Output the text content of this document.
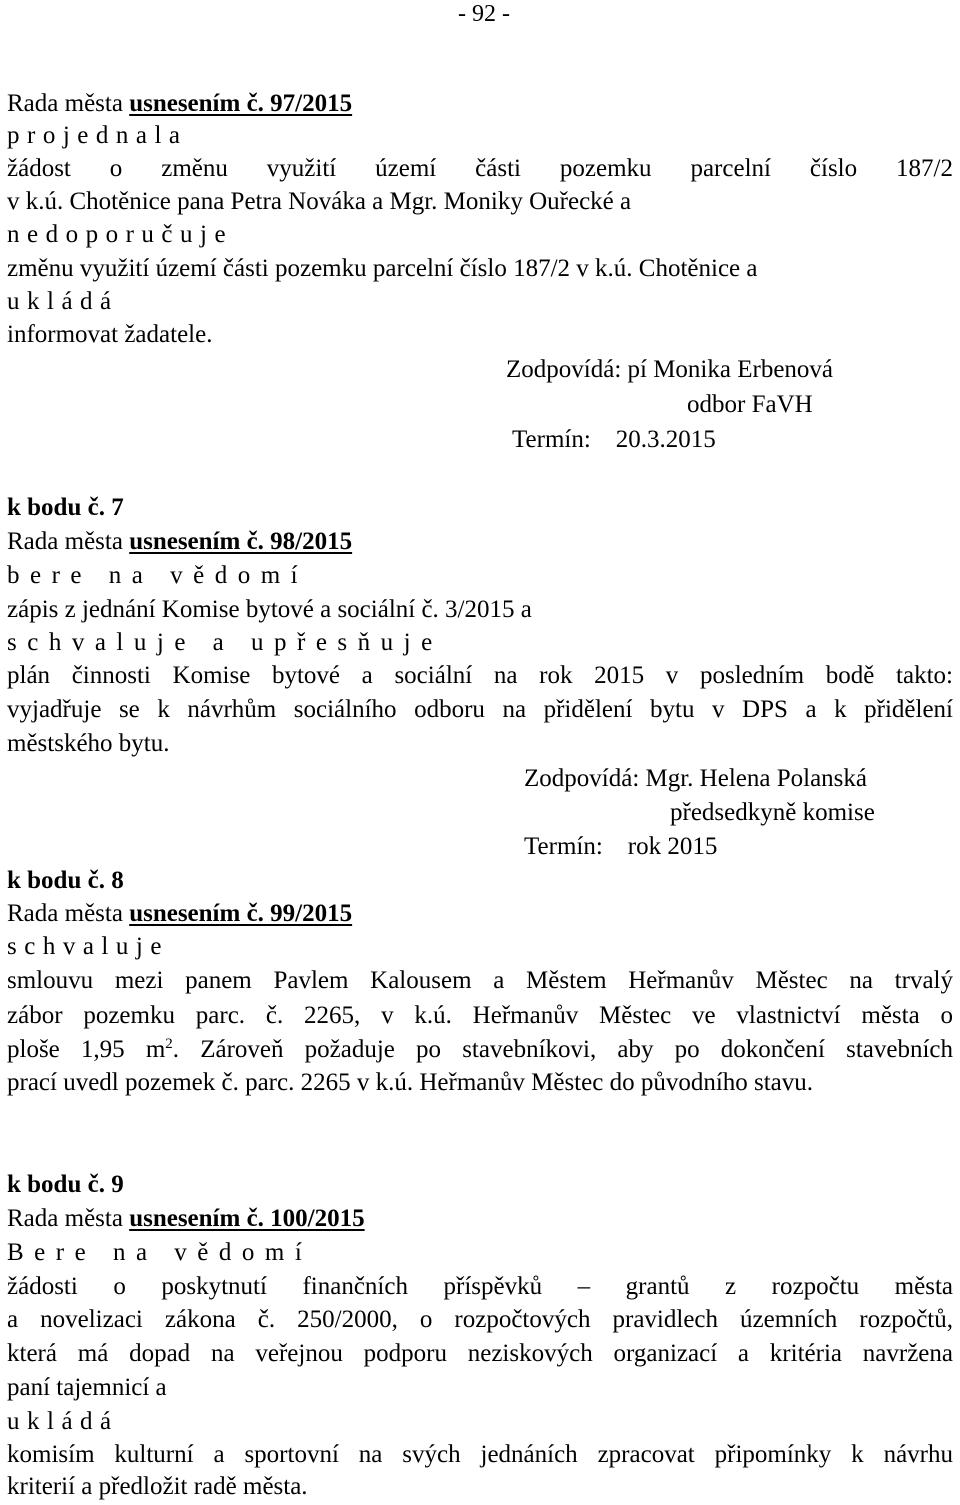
- 92 -
Rada města usnesením č. 97/2015
projednala
žádost o změnu využití území části pozemku parcelní číslo 187/2
v k.ú. Chotěnice pana Petra Nováka a Mgr. Moniky Ouřecké a
nedoporučuje
změnu využití území části pozemku parcelní číslo 187/2 v k.ú. Chotěnice a
ukládá
informovat žadatele.
Zodpovídá: pí Monika Erbenová
odbor FaVH
Termín:    20.3.2015
k bodu č. 7
Rada města usnesením č. 98/2015
bere na vědomí
zápis z jednání Komise bytové a sociální č. 3/2015 a
schvaluje a upřesňuje
plán činnosti Komise bytové a sociální na rok 2015 v posledním bodě takto:
vyjadřuje se k návrhům sociálního odboru na přidělení bytu v DPS a k přidělení
městského bytu.
Zodpovídá: Mgr. Helena Polanská
předsedkyně komise
Termín:    rok 2015
k bodu č. 8
Rada města usnesením č. 99/2015
schvaluje
smlouvu mezi panem Pavlem Kalousem a Městem Heřmanův Městec na trvalý
zábor pozemku parc. č. 2265, v k.ú. Heřmanův Městec ve vlastnictví města o
ploše 1,95 $m^2$. Zároveň požaduje po stavebníkovi, aby po dokončení stavebních
prací uvedl pozemek č. parc. 2265 v k.ú. Heřmanův Městec do původního stavu.
k bodu č. 9
Rada města usnesením č. 100/2015
Bere na vědomí
žádosti o poskytnutí finančních příspěvků – grantů z rozpočtu města
a novelizaci zákona č. 250/2000, o rozpočtových pravidlech územních rozpočtů,
která má dopad na veřejnou podporu neziskových organizací a kritéria navržena
paní tajemnicí a
ukládá
komisím kulturní a sportovní na svých jednáních zpracovat připomínky k návrhu
kriterií a předložit radě města.
